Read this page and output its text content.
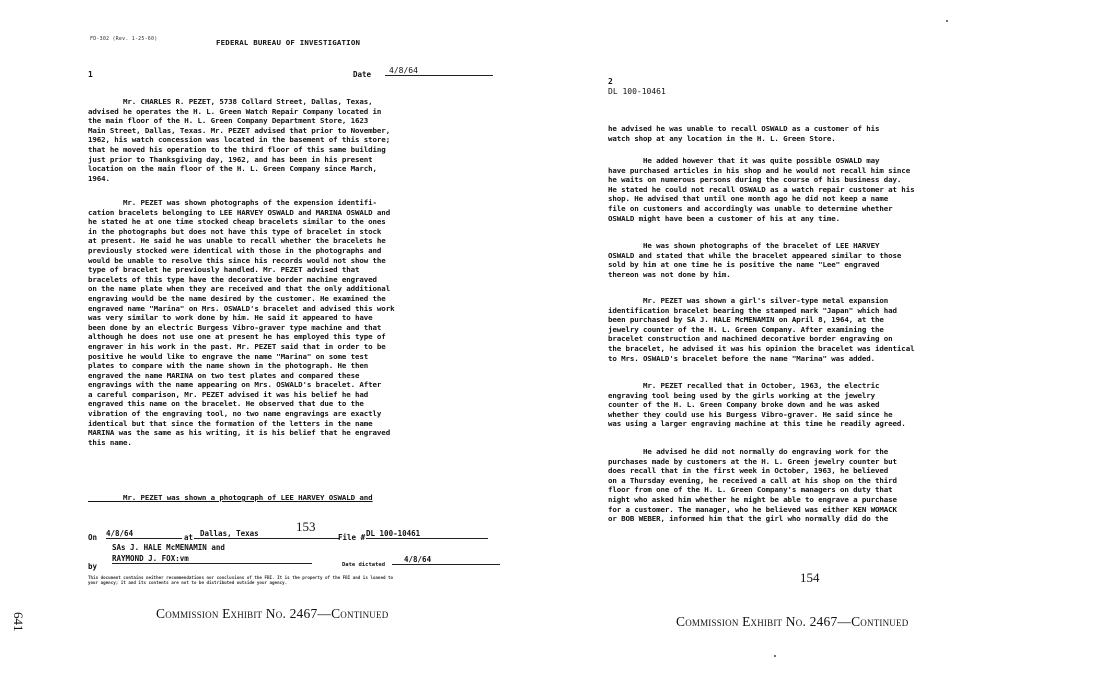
FD-302 (Rev. 1-25-60)	FEDERAL BUREAU OF INVESTIGATION
1	Date	4/8/64
Mr. CHARLES R. PEZET, 5738 Collard Street, Dallas, Texas,
advised he operates the H. L. Green Watch Repair Company located in
the main floor of the H. L. Green Company Department Store, 1623
Main Street, Dallas, Texas. Mr. PEZET advised that prior to November,
1962, his watch concession was located in the basement of this store;
that he moved his operation to the third floor of this same building
just prior to Thanksgiving day, 1962, and has been in his present
location on the main floor of the H. L. Green Company since March,
1964.
Mr. PEZET was shown photographs of the expension identifi-
cation bracelets belonging to LEE HARVEY OSWALD and MARINA OSWALD and
he stated he at one time stocked cheap bracelets similar to the ones
in the photographs but does not have this type of bracelet in stock
at present. He said he was unable to recall whether the bracelets he
previously stocked were identical with those in the photographs and
would be unable to resolve this since his records would not show the
type of bracelet he previously handled. Mr. PEZET advised that
bracelets of this type have the decorative border machine engraved
on the name plate when they are received and that the only additional
engraving would be the name desired by the customer. He examined the
engraved name "Marina" on Mrs. OSWALD's bracelet and advised this work
was very similar to work done by him. He said it appeared to have
been done by an electric Burgess Vibro-graver type machine and that
although he does not use one at present he has employed this type of
engraver in his work in the past. Mr. PEZET said that in order to be
positive he would like to engrave the name "Marina" on some test
plates to compare with the name shown in the photograph. He then
engraved the name MARINA on two test plates and compared these
engravings with the name appearing on Mrs. OSWALD's bracelet. After
a careful comparison, Mr. PEZET advised it was his belief he had
engraved this name on the bracelet. He observed that due to the
vibration of the engraving tool, no two name engravings are exactly
identical but that since the formation of the letters in the name
MARINA was the same as his writing, it is his belief that he engraved
this name.
Mr. PEZET was shown a photograph of LEE HARVEY OSWALD and
153
On 4/8/64	at Dallas, Texas	File # DL 100-10461
SAs J. HALE McMENAMIN and
RAYMOND J. FOX:vm
by	Date dictated
4/8/64
This document contains neither recommendations nor conclusions of the FBI. It is the property of the FBI and is loaned to
your agency; it and its contents are not to be distributed outside your agency.
Commission Exhibit No. 2467—Continued
2
DL 100-10461
he advised he was unable to recall OSWALD as a customer of his
watch shop at any location in the H. L. Green Store.
He added however that it was quite possible OSWALD may
have purchased articles in his shop and he would not recall him since
he waits on numerous persons during the course of his business day.
He stated he could not recall OSWALD as a watch repair customer at his
shop. He advised that until one month ago he did not keep a name
file on customers and accordingly was unable to determine whether
OSWALD might have been a customer of his at any time.
He was shown photographs of the bracelet of LEE HARVEY
OSWALD and stated that while the bracelet appeared similar to those
sold by him at one time he is positive the name "Lee" engraved
thereon was not done by him.
Mr. PEZET was shown a girl's silver-type metal expansion
identification bracelet bearing the stamped mark "Japan" which had
been purchased by SA J. HALE McMENAMIN on April 8, 1964, at the
jewelry counter of the H. L. Green Company. After examining the
bracelet construction and machined decorative border engraving on
the bracelet, he advised it was his opinion the bracelet was identical
to Mrs. OSWALD's bracelet before the name "Marina" was added.
Mr. PEZET recalled that in October, 1963, the electric
engraving tool being used by the girls working at the jewelry
counter of the H. L. Green Company broke down and he was asked
whether they could use his Burgess Vibro-graver. He said since he
was using a larger engraving machine at this time he readily agreed.
He advised he did not normally do engraving work for the
purchases made by customers at the H. L. Green jewelry counter but
does recall that in the first week in October, 1963, he believed
on a Thursday evening, he received a call at his shop on the third
floor from one of the H. L. Green Company's managers on duty that
night who asked him whether he might be able to engrave a purchase
for a customer. The manager, who he believed was either KEN WOMACK
or BOB WEBER, informed him that the girl who normally did do the
154
Commission Exhibit No. 2467—Continued
641
